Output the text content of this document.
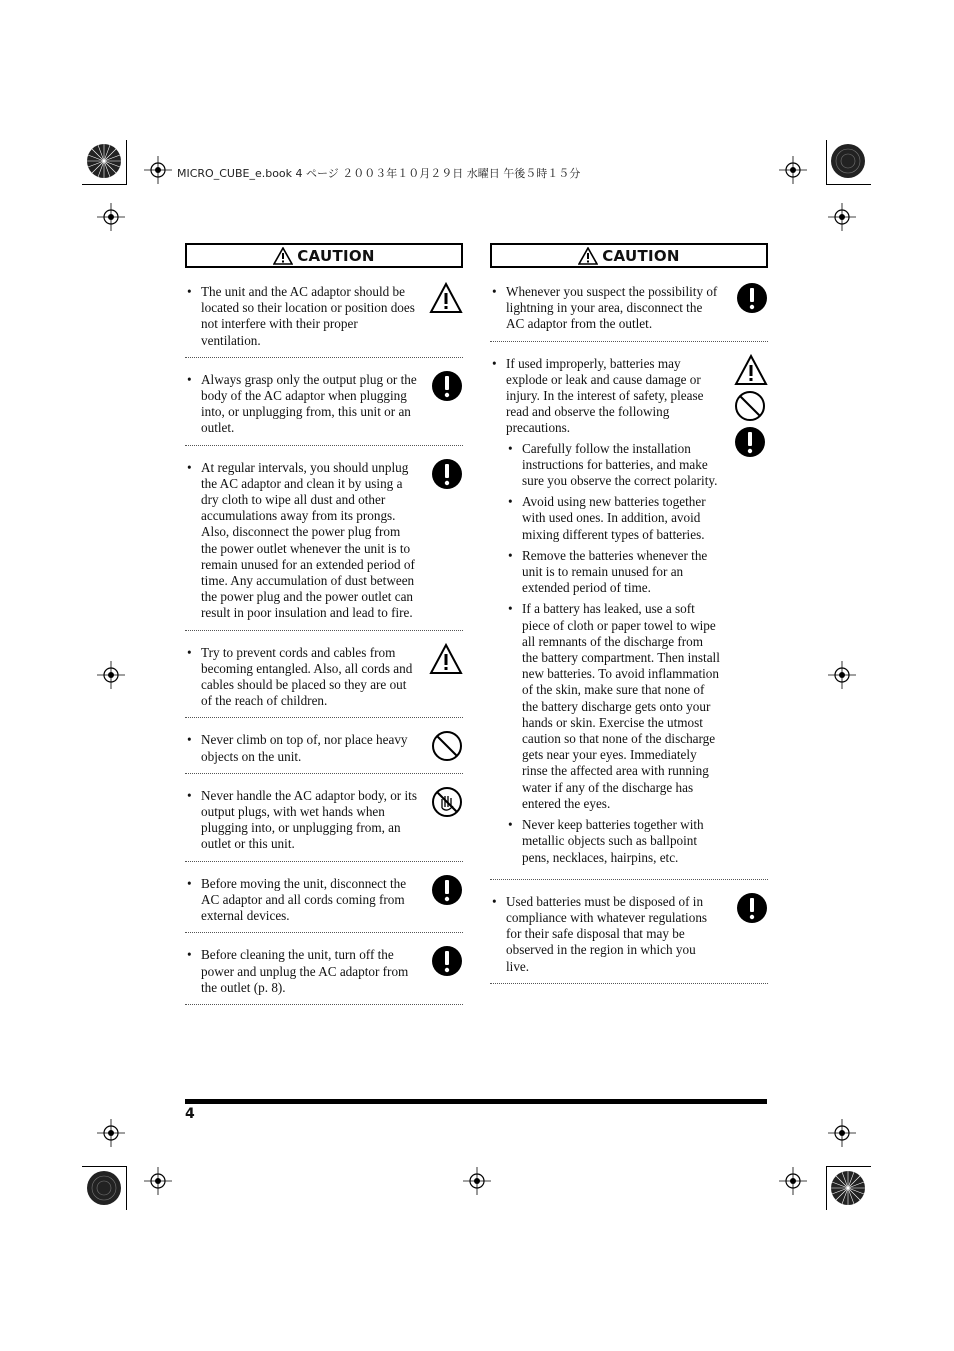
MICRO_CUBE_e.book 4 ページ ２００３年１０月２９日 水曜日 午後５時１５分
CAUTION
• The unit and the AC adaptor should be located so their location or position does not interfere with their proper ventilation.

• Always grasp only the output plug or the body of the AC adaptor when plugging into, or unplugging from, this unit or an outlet.

• At regular intervals, you should unplug the AC adaptor and clean it by using a dry cloth to wipe all dust and other accumulations away from its prongs. Also, disconnect the power plug from the power outlet whenever the unit is to remain unused for an extended period of time. Any accumulation of dust between the power plug and the power outlet can result in poor insulation and lead to fire.

• Try to prevent cords and cables from becoming entangled. Also, all cords and cables should be placed so they are out of the reach of children.

• Never climb on top of, nor place heavy objects on the unit.

• Never handle the AC adaptor body, or its output plugs, with wet hands when plugging into, or unplugging from, an outlet or this unit.

• Before moving the unit, disconnect the AC adaptor and all cords coming from external devices.

• Before cleaning the unit, turn off the power and unplug the AC adaptor from the outlet (p. 8).

CAUTION
• Whenever you suspect the possibility of lightning in your area, disconnect the AC adaptor from the outlet.

• If used improperly, batteries may explode or leak and cause damage or injury. In the interest of safety, please read and observe the following precautions.

• Carefully follow the installation instructions for batteries, and make sure you observe the correct polarity.
• Avoid using new batteries together with used ones. In addition, avoid mixing different types of batteries.
• Remove the batteries whenever the unit is to remain unused for an extended period of time.
• If a battery has leaked, use a soft piece of cloth or paper towel to wipe all remnants of the discharge from the battery compartment. Then install new batteries. To avoid inflammation of the skin, make sure that none of the battery discharge gets onto your hands or skin. Exercise the utmost caution so that none of the discharge gets near your eyes. Immediately rinse the affected area with running water if any of the discharge has entered the eyes.
• Never keep batteries together with metallic objects such as ballpoint pens, necklaces, hairpins, etc.
• Used batteries must be disposed of in compliance with whatever regulations for their safe disposal that may be observed in the region in which you live.

4
